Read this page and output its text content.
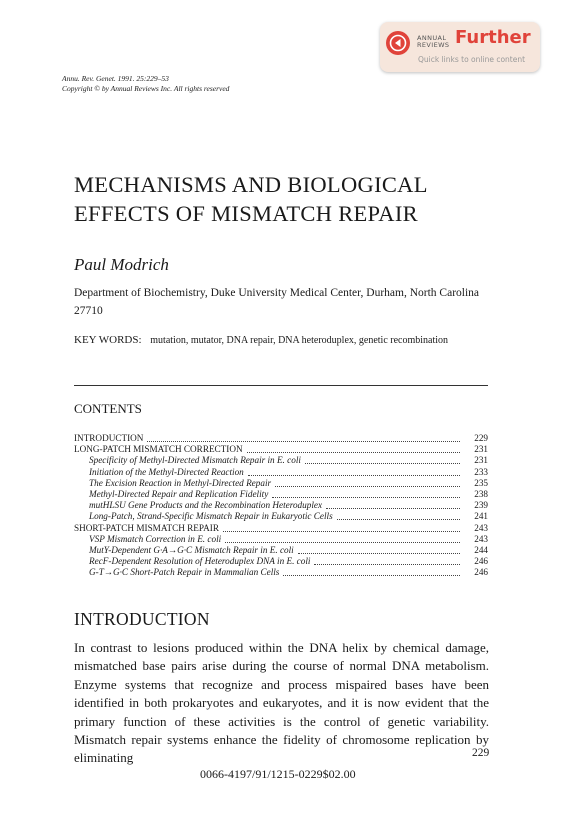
ANNUAL
REVIEWS Further
Quick links to online content
Annu. Rev. Genet. 1991. 25:229–53
Copyright © by Annual Reviews Inc. All rights reserved
MECHANISMS AND BIOLOGICAL
EFFECTS OF MISMATCH REPAIR
Paul Modrich
Department of Biochemistry, Duke University Medical Center, Durham, North Carolina 27710
KEY WORDS: mutation, mutator, DNA repair, DNA heteroduplex, genetic recombination
CONTENTS
INTRODUCTION	229
LONG-PATCH MISMATCH CORRECTION	231
Specificity of Methyl-Directed Mismatch Repair in E. coli	231
Initiation of the Methyl-Directed Reaction	233
The Excision Reaction in Methyl-Directed Repair	235
Methyl-Directed Repair and Replication Fidelity	238
mutHLSU Gene Products and the Recombination Heteroduplex	239
Long-Patch, Strand-Specific Mismatch Repair in Eukaryotic Cells	241
SHORT-PATCH MISMATCH REPAIR	243
VSP Mismatch Correction in E. coli	243
MutY-Dependent G·A→G·C Mismatch Repair in E. coli	244
RecF-Dependent Resolution of Heteroduplex DNA in E. coli	246
G-T→G·C Short-Patch Repair in Mammalian Cells	246
INTRODUCTION

In contrast to lesions produced within the DNA helix by chemical damage, mismatched base pairs arise during the course of normal DNA metabolism. Enzyme systems that recognize and process mispaired bases have been identified in both prokaryotes and eukaryotes, and it is now evident that the primary function of these activities is the control of genetic variability. Mismatch repair systems enhance the fidelity of chromosome replication by eliminating	229
0066-4197/91/1215-0229$02.00
